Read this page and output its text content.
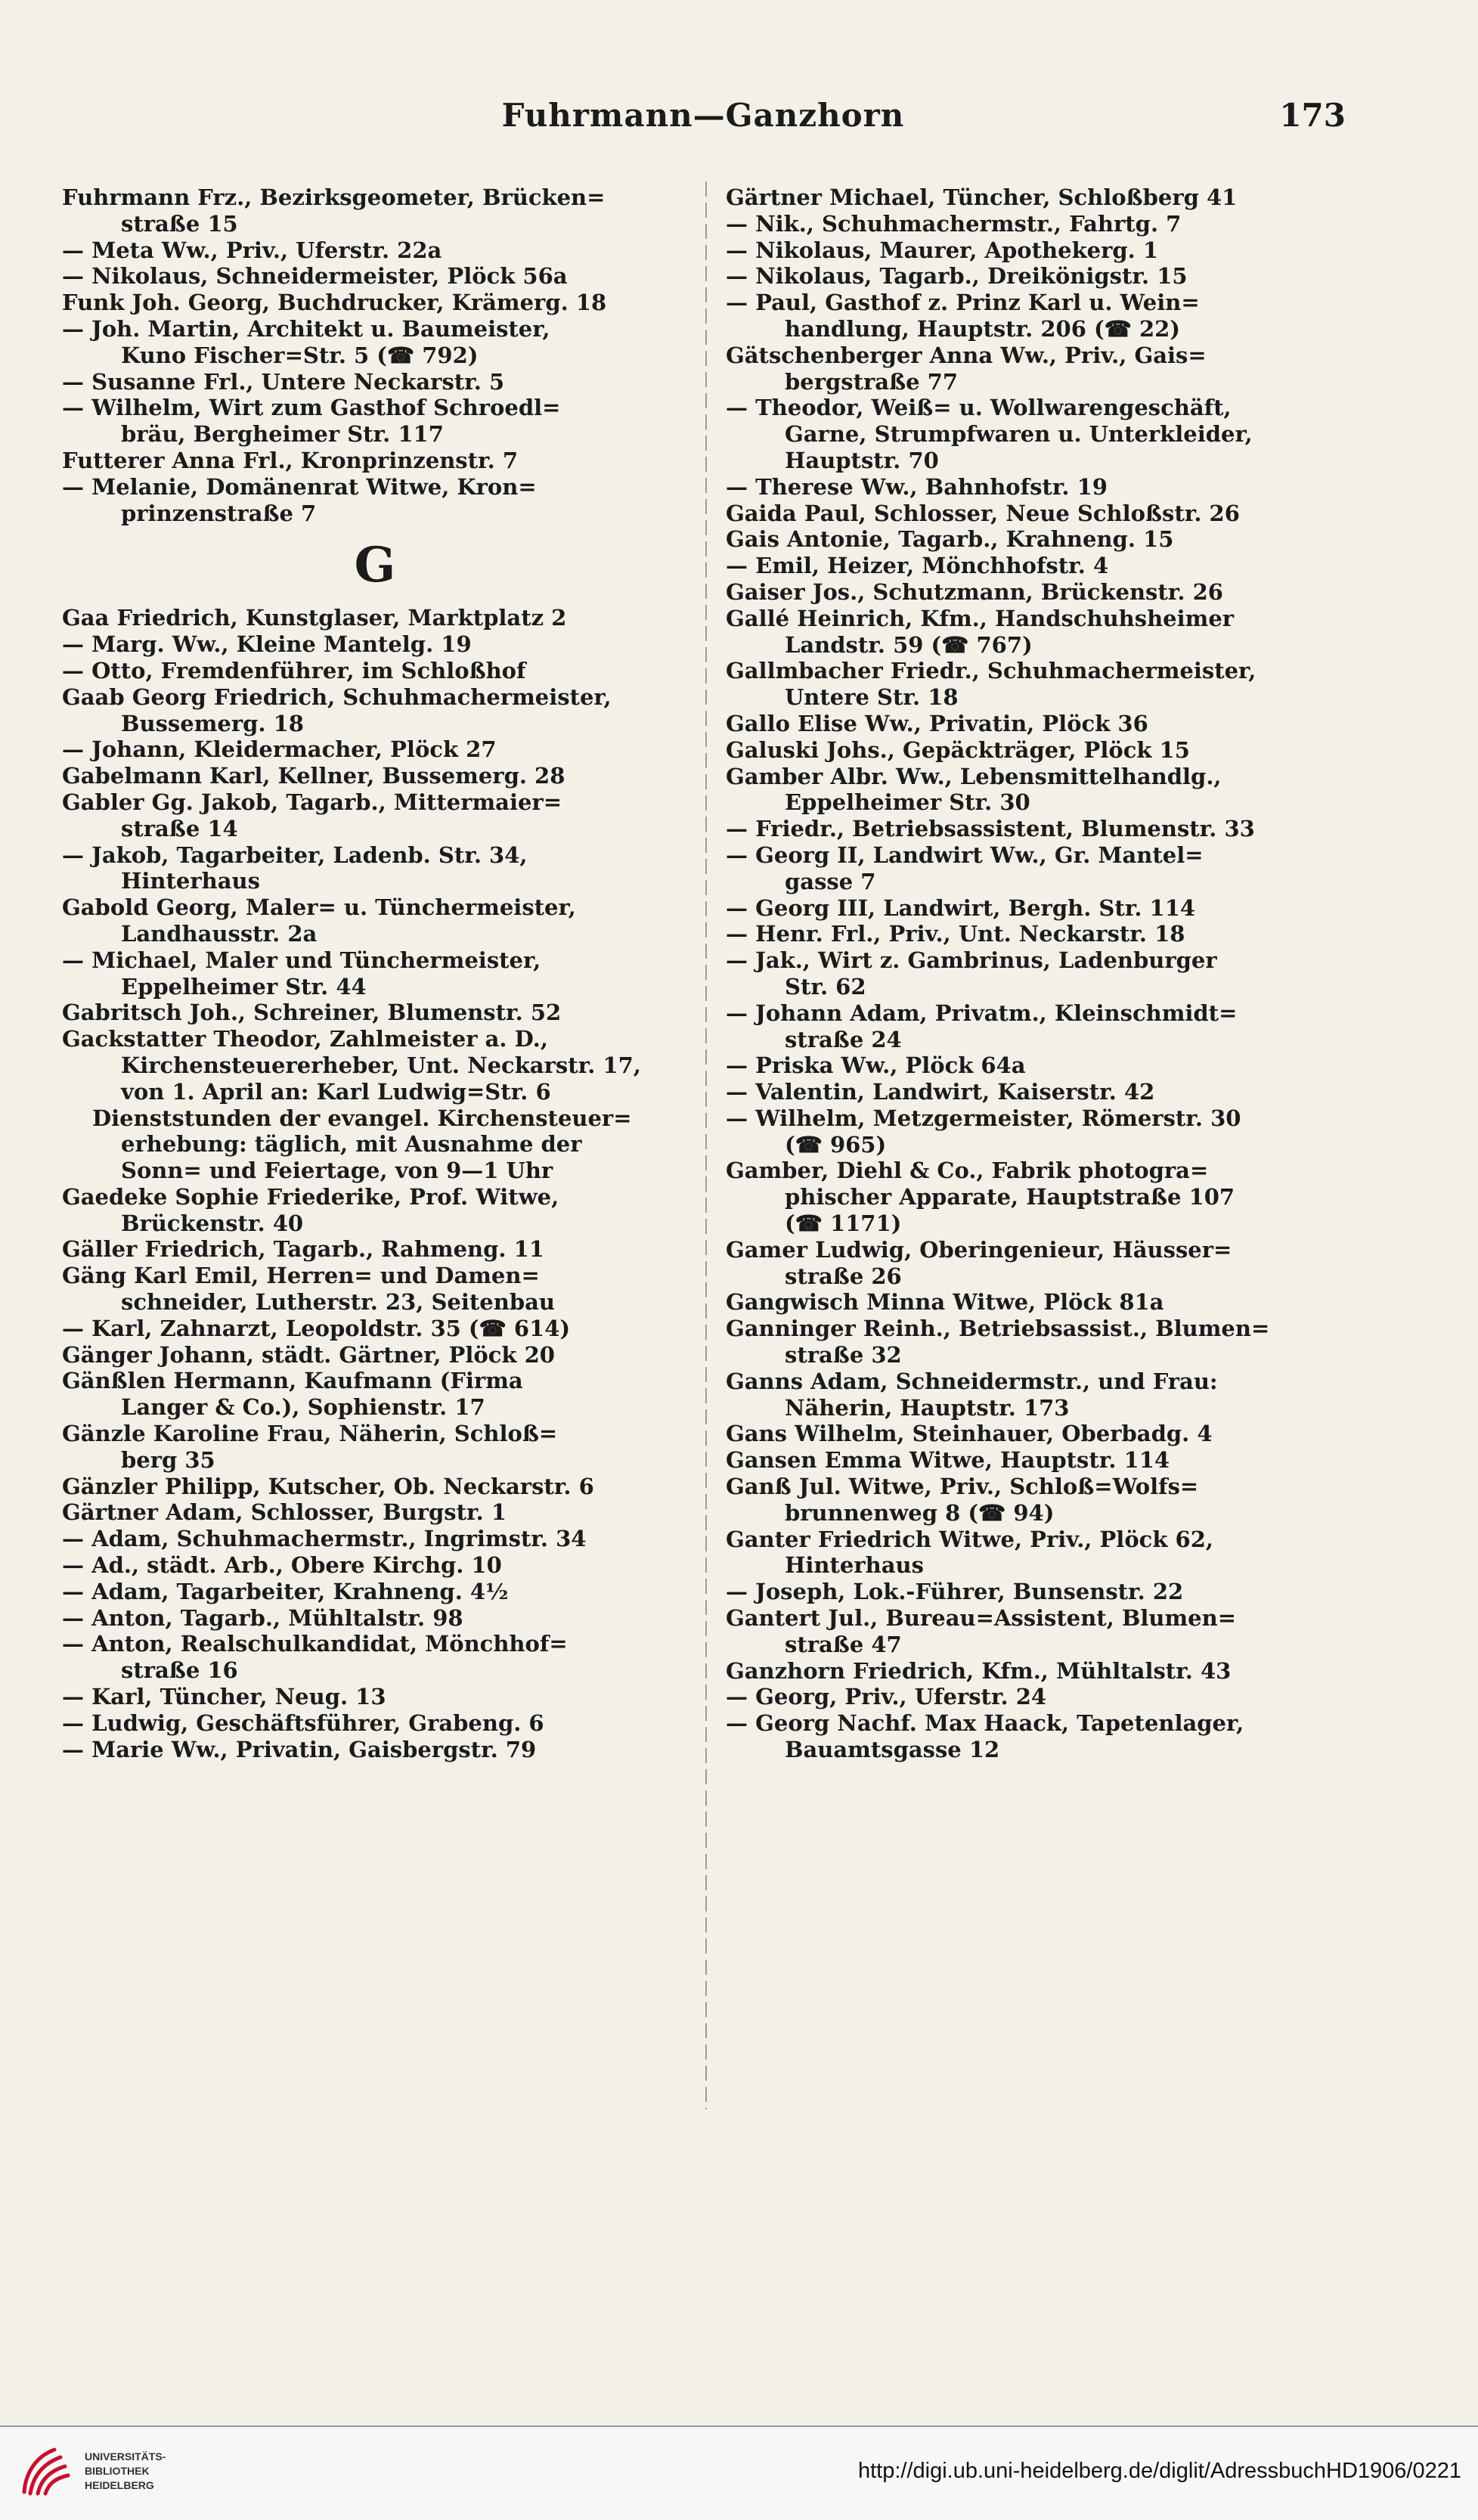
Fuhrmann—Ganzhorn	173
Fuhrmann Frz., Bezirksgeometer, Brücken=
straße 15
— Meta Ww., Priv., Uferstr. 22a
— Nikolaus, Schneidermeister, Plöck 56a
Funk Joh. Georg, Buchdrucker, Krämerg. 18
— Joh. Martin, Architekt u. Baumeister,
Kuno Fischer=Str. 5 (☎ 792)
— Susanne Frl., Untere Neckarstr. 5
— Wilhelm, Wirt zum Gasthof Schroedl=
bräu, Bergheimer Str. 117
Futterer Anna Frl., Kronprinzenstr. 7
— Melanie, Domänenrat Witwe, Kron=
prinzenstraße 7
G
Gaa Friedrich, Kunstglaser, Marktplatz 2
— Marg. Ww., Kleine Mantelg. 19
— Otto, Fremdenführer, im Schloßhof
Gaab Georg Friedrich, Schuhmachermeister,
Bussemerg. 18
— Johann, Kleidermacher, Plöck 27
Gabelmann Karl, Kellner, Bussemerg. 28
Gabler Gg. Jakob, Tagarb., Mittermaier=
straße 14
— Jakob, Tagarbeiter, Ladenb. Str. 34,
Hinterhaus
Gabold Georg, Maler= u. Tünchermeister,
Landhausstr. 2a
— Michael, Maler und Tünchermeister,
Eppelheimer Str. 44
Gabritsch Joh., Schreiner, Blumenstr. 52
Gackstatter Theodor, Zahlmeister a. D.,
Kirchensteuererheber, Unt. Neckarstr. 17,
von 1. April an: Karl Ludwig=Str. 6
Dienststunden der evangel. Kirchensteuer=
erhebung: täglich, mit Ausnahme der
Sonn= und Feiertage, von 9—1 Uhr
Gaedeke Sophie Friederike, Prof. Witwe,
Brückenstr. 40
Gäller Friedrich, Tagarb., Rahmeng. 11
Gäng Karl Emil, Herren= und Damen=
schneider, Lutherstr. 23, Seitenbau
— Karl, Zahnarzt, Leopoldstr. 35 (☎ 614)
Gänger Johann, städt. Gärtner, Plöck 20
Gänßlen Hermann, Kaufmann (Firma
Langer & Co.), Sophienstr. 17
Gänzle Karoline Frau, Näherin, Schloß=
berg 35
Gänzler Philipp, Kutscher, Ob. Neckarstr. 6
Gärtner Adam, Schlosser, Burgstr. 1
— Adam, Schuhmachermstr., Ingrimstr. 34
— Ad., städt. Arb., Obere Kirchg. 10
— Adam, Tagarbeiter, Krahneng. 4½
— Anton, Tagarb., Mühltalstr. 98
— Anton, Realschulkandidat, Mönchhof=
straße 16
— Karl, Tüncher, Neug. 13
— Ludwig, Geschäftsführer, Grabeng. 6
— Marie Ww., Privatin, Gaisbergstr. 79
Gärtner Michael, Tüncher, Schloßberg 41
— Nik., Schuhmachermstr., Fahrtg. 7
— Nikolaus, Maurer, Apothekerg. 1
— Nikolaus, Tagarb., Dreikönigstr. 15
— Paul, Gasthof z. Prinz Karl u. Wein=
handlung, Hauptstr. 206 (☎ 22)
Gätschenberger Anna Ww., Priv., Gais=
bergstraße 77
— Theodor, Weiß= u. Wollwarengeschäft,
Garne, Strumpfwaren u. Unterkleider,
Hauptstr. 70
— Therese Ww., Bahnhofstr. 19
Gaida Paul, Schlosser, Neue Schloßstr. 26
Gais Antonie, Tagarb., Krahneng. 15
— Emil, Heizer, Mönchhofstr. 4
Gaiser Jos., Schutzmann, Brückenstr. 26
Gallé Heinrich, Kfm., Handschuhsheimer
Landstr. 59 (☎ 767)
Gallmbacher Friedr., Schuhmachermeister,
Untere Str. 18
Gallo Elise Ww., Privatin, Plöck 36
Galuski Johs., Gepäckträger, Plöck 15
Gamber Albr. Ww., Lebensmittelhandlg.,
Eppelheimer Str. 30
— Friedr., Betriebsassistent, Blumenstr. 33
— Georg II, Landwirt Ww., Gr. Mantel=
gasse 7
— Georg III, Landwirt, Bergh. Str. 114
— Henr. Frl., Priv., Unt. Neckarstr. 18
— Jak., Wirt z. Gambrinus, Ladenburger
Str. 62
— Johann Adam, Privatm., Kleinschmidt=
straße 24
— Priska Ww., Plöck 64a
— Valentin, Landwirt, Kaiserstr. 42
— Wilhelm, Metzgermeister, Römerstr. 30
(☎ 965)
Gamber, Diehl & Co., Fabrik photogra=
phischer Apparate, Hauptstraße 107
(☎ 1171)
Gamer Ludwig, Oberingenieur, Häusser=
straße 26
Gangwisch Minna Witwe, Plöck 81a
Ganninger Reinh., Betriebsassist., Blumen=
straße 32
Ganns Adam, Schneidermstr., und Frau:
Näherin, Hauptstr. 173
Gans Wilhelm, Steinhauer, Oberbadg. 4
Gansen Emma Witwe, Hauptstr. 114
Ganß Jul. Witwe, Priv., Schloß=Wolfs=
brunnenweg 8 (☎ 94)
Ganter Friedrich Witwe, Priv., Plöck 62,
Hinterhaus
— Joseph, Lok.-Führer, Bunsenstr. 22
Gantert Jul., Bureau=Assistent, Blumen=
straße 47
Ganzhorn Friedrich, Kfm., Mühltalstr. 43
— Georg, Priv., Uferstr. 24
— Georg Nachf. Max Haack, Tapetenlager,
Bauamtsgasse 12
UNIVERSITÄTS-
BIBLIOTHEK
HEIDELBERG
http://digi.ub.uni-heidelberg.de/diglit/AdressbuchHD1906/0221
